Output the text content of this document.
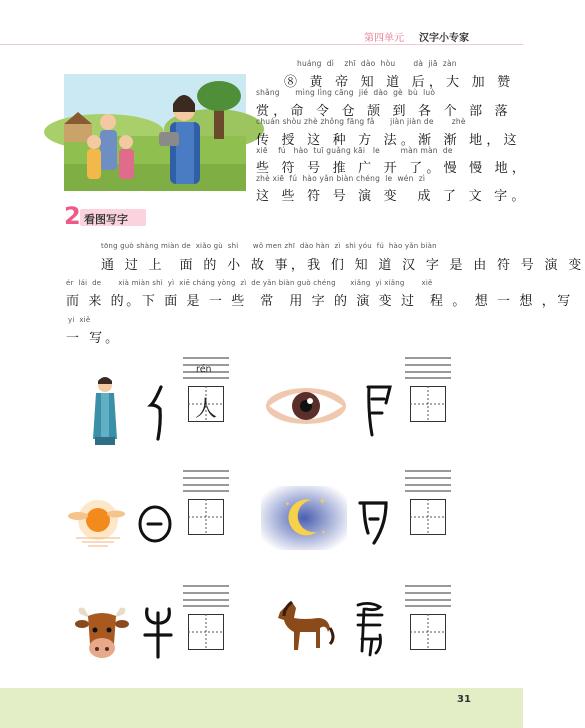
第四单元 汉字小专家
huáng  dì    zhī  dào  hòu       dà  jiā  zàn
⑧ 黄 帝 知 道 后，大 加 赞
shǎng      mìng lìng cāng  jié  dào  gè  bù  luò
赏，命 令 仓 颉 到 各 个 部 落
chuán shòu zhè zhǒng fāng fǎ      jiàn jiàn de       zhè
传 授 这 种 方 法。渐 渐 地，这
xiē    fú   hào  tuī guǎng kāi   le        màn màn  de
些 符 号 推 广 开 了。慢 慢 地，
zhè xiē  fú  hào yǎn biàn chéng  le  wén  zì
这 些 符 号 演 变  成 了 文 字。
2 看图写字
tōng guò shàng miàn de  xiǎo gù  shi      wǒ men zhī  dào hàn  zì  shì yóu  fú  hào yǎn biàn
通 过 上  面 的 小 故 事，我 们 知 道 汉 字 是 由 符 号 演 变
ér  lái  de       xià miàn shì  yì  xiē cháng yòng  zì  de yǎn biàn guò chéng      xiǎng  yi xiǎng       xiě
而 来 的。下 面 是 一 些  常  用 字 的 演 变 过  程 。 想 一 想 ，写
yi  xiě
一 写。
rén
人
✦
✦
✦
31
